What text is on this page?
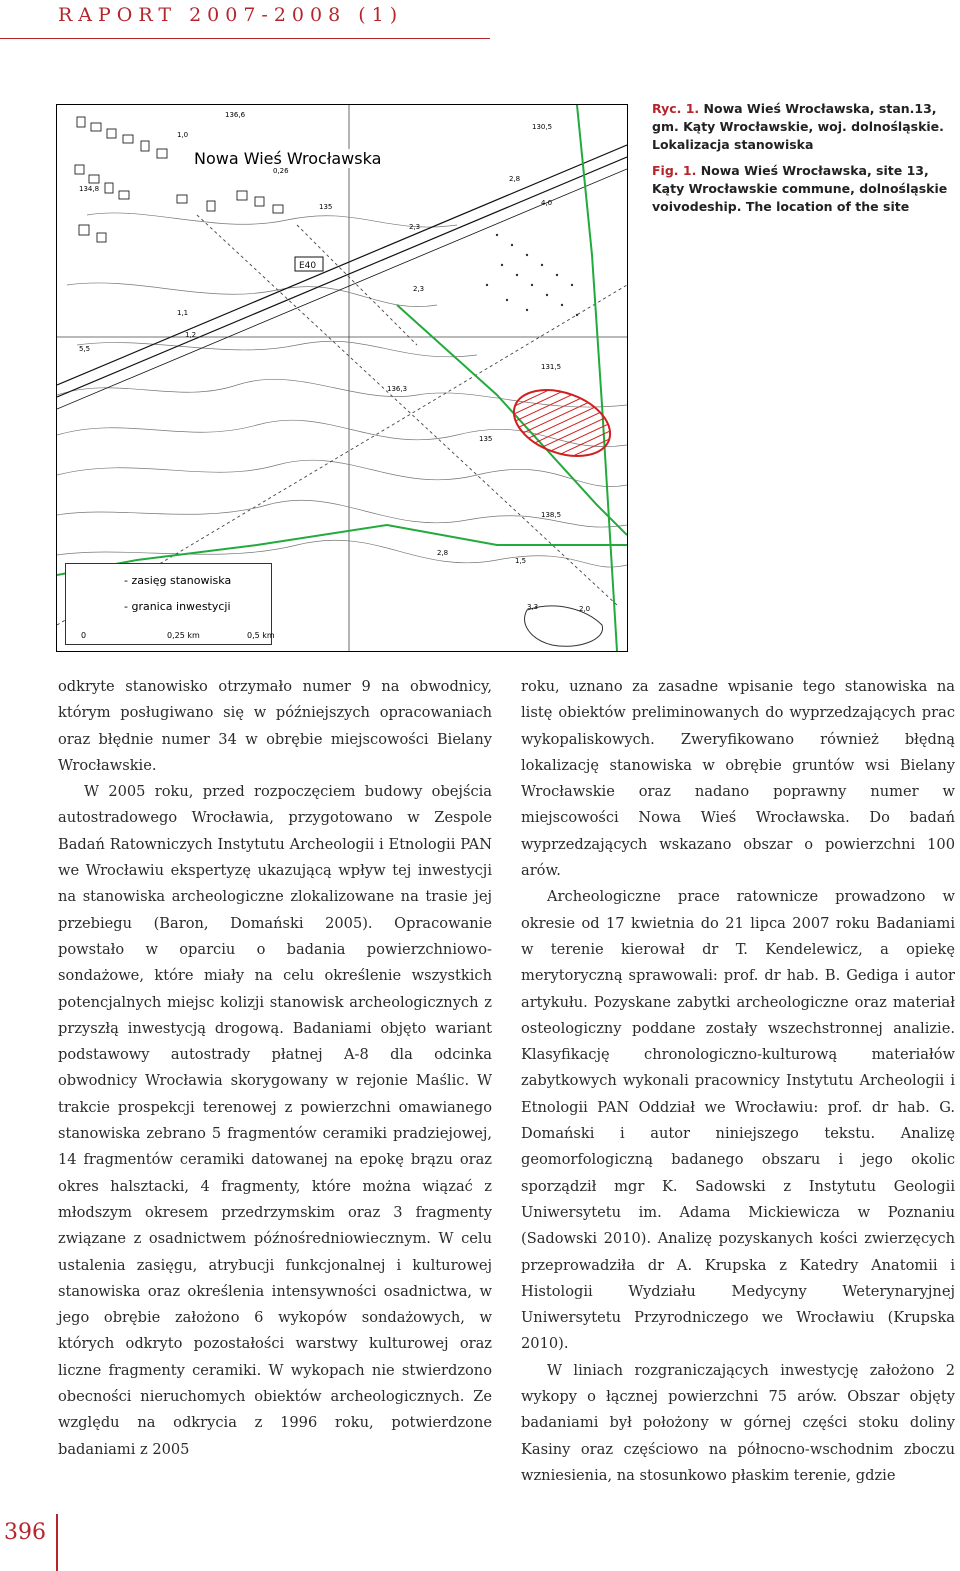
RAPORT 2007-2008 (1)
E40
Nowa Wieś Wrocławska
136,6
1,0
134,8
0,26
130,5
2,8
4,0
135
2,3
1,2
1,1
5,5
136,3
131,5
135
2,3
138,5
2,8
1,5
2,0
3,3
- zasięg stanowiska
- granica inwestycji
0	0,25 km	0,5 km

Ryc. 1. Nowa Wieś Wrocławska, stan.13, gm. Kąty Wrocławskie, woj. dolnośląskie. Lokalizacja stanowiska

Fig. 1. Nowa Wieś Wrocławska, site 13, Kąty Wrocławskie commune, dolnośląskie voivodeship. The location of the site

odkryte stanowisko otrzymało numer 9 na obwodnicy, którym posługiwano się w późniejszych opracowaniach oraz błędnie numer 34 w obrębie miejscowości Bielany Wrocławskie.

W 2005 roku, przed rozpoczęciem budowy obejścia autostradowego Wrocławia, przygotowano w Zespole Badań Ratowniczych Instytutu Archeologii i Etnologii PAN we Wrocławiu ekspertyzę ukazującą wpływ tej inwestycji na stanowiska archeologiczne zlokalizowane na trasie jej przebiegu (Baron, Domański 2005). Opracowanie powstało w oparciu o badania powierzchniowo-sondażowe, które miały na celu określenie wszystkich potencjalnych miejsc kolizji stanowisk archeologicznych z przyszłą inwestycją drogową. Badaniami objęto wariant podstawowy autostrady płatnej A-8 dla odcinka obwodnicy Wrocławia skorygowany w rejonie Maślic. W trakcie prospekcji terenowej z powierzchni omawianego stanowiska zebrano 5 fragmentów ceramiki pradziejowej, 14 fragmentów ceramiki datowanej na epokę brązu oraz okres halsztacki, 4 fragmenty, które można wiązać z młodszym okresem przedrzymskim oraz 3 fragmenty związane z osadnictwem późnośredniowiecznym. W celu ustalenia zasięgu, atrybucji funkcjonalnej i kulturowej stanowiska oraz określenia intensywności osadnictwa, w jego obrębie założono 6 wykopów sondażowych, w których odkryto pozostałości warstwy kulturowej oraz liczne fragmenty ceramiki. W wykopach nie stwierdzono obecności nieruchomych obiektów archeologicznych. Ze względu na odkrycia z 1996 roku, potwierdzone badaniami z 2005

roku, uznano za zasadne wpisanie tego stanowiska na listę obiektów preliminowanych do wyprzedzających prac wykopaliskowych. Zweryfikowano również błędną lokalizację stanowiska w obrębie gruntów wsi Bielany Wrocławskie oraz nadano poprawny numer w miejscowości Nowa Wieś Wrocławska. Do badań wyprzedzających wskazano obszar o powierzchni 100 arów.

Archeologiczne prace ratownicze prowadzono w okresie od 17 kwietnia do 21 lipca 2007 roku Badaniami w terenie kierował dr T. Kendelewicz, a opiekę merytoryczną sprawowali: prof. dr hab. B. Gediga i autor artykułu. Pozyskane zabytki archeologiczne oraz materiał osteologiczny poddane zostały wszechstronnej analizie. Klasyfikację chronologiczno-kulturową materiałów zabytkowych wykonali pracownicy Instytutu Archeologii i Etnologii PAN Oddział we Wrocławiu: prof. dr hab. G. Domański i autor niniejszego tekstu. Analizę geomorfologiczną badanego obszaru i jego okolic sporządził mgr K. Sadowski z Instytutu Geologii Uniwersytetu im. Adama Mickiewicza w Poznaniu (Sadowski 2010). Analizę pozyskanych kości zwierzęcych przeprowadziła dr A. Krupska z Katedry Anatomii i Histologii Wydziału Medycyny Weterynaryjnej Uniwersytetu Przyrodniczego we Wrocławiu (Krupska 2010).

W liniach rozgraniczających inwestycję założono 2 wykopy o łącznej powierzchni 75 arów. Obszar objęty badaniami był położony w górnej części stoku doliny Kasiny oraz częściowo na północno-wschodnim zboczu wzniesienia, na stosunkowo płaskim terenie, gdzie

396
